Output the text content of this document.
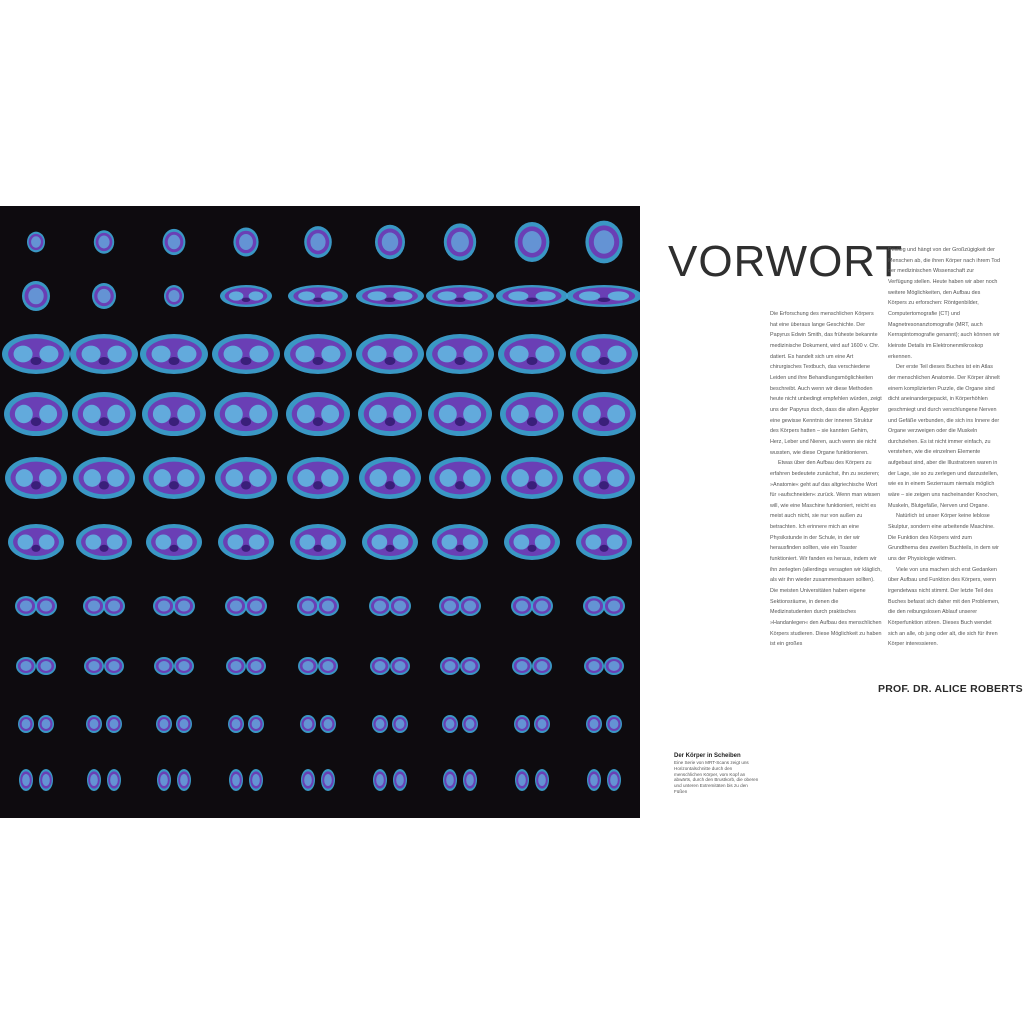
VORWORT

Die Erforschung des menschlichen Körpers hat eine überaus lange Geschichte. Der Papyrus Edwin Smith, das früheste bekannte medizinische Dokument, wird auf 1600 v. Chr. datiert. Es handelt sich um eine Art chirurgisches Textbuch, das verschiedene Leiden und ihre Behandlungsmöglichkeiten beschreibt. Auch wenn wir diese Methoden heute nicht unbedingt empfehlen würden, zeigt uns der Papyrus doch, dass die alten Ägypter eine gewisse Kenntnis der inneren Struktur des Körpers hatten – sie kannten Gehirn, Herz, Leber und Nieren, auch wenn sie nicht wussten, wie diese Organe funktionieren.

Etwas über den Aufbau des Körpers zu erfahren bedeutete zunächst, ihn zu sezieren; »Anatomie« geht auf das altgriechische Wort für »aufschneiden« zurück. Wenn man wissen will, wie eine Maschine funktioniert, reicht es meist auch nicht, sie nur von außen zu betrachten. Ich erinnere mich an eine Physikstunde in der Schule, in der wir herausfinden sollten, wie ein Toaster funktioniert. Wir fanden es heraus, indem wir ihn zerlegten (allerdings versagten wir kläglich, als wir ihn wieder zusammenbauen sollten). Die meisten Universitäten haben eigene Sektionsräume, in denen die Medizinstudenten durch praktisches »Handanlegen« den Aufbau des menschlichen Körpers studieren. Diese Möglichkeit zu haben ist ein großes

Privileg und hängt von der Großzügigkeit der Menschen ab, die ihren Körper nach ihrem Tod der medizinischen Wissenschaft zur Verfügung stellen. Heute haben wir aber noch weitere Möglichkeiten, den Aufbau des Körpers zu erforschen: Röntgenbilder, Computertomografie (CT) und Magnetresonanztomografie (MRT, auch Kernspintomografie genannt); auch können wir kleinste Details im Elektronenmikroskop erkennen.

Der erste Teil dieses Buches ist ein Atlas der menschlichen Anatomie. Der Körper ähnelt einem komplizierten Puzzle, die Organe sind dicht aneinandergepackt, in Körperhöhlen geschmiegt und durch verschlungene Nerven und Gefäße verbunden, die sich ins Innere der Organe verzweigen oder die Muskeln durchziehen. Es ist nicht immer einfach, zu verstehen, wie die einzelnen Elemente aufgebaut sind, aber die Illustratoren waren in der Lage, sie so zu zerlegen und darzustellen, wie es in einem Sezierraum niemals möglich wäre – sie zeigen uns nacheinander Knochen, Muskeln, Blutgefäße, Nerven und Organe.

Natürlich ist unser Körper keine leblose Skulptur, sondern eine arbeitende Maschine. Die Funktion des Körpers wird zum Grundthema des zweiten Buchteils, in dem wir uns der Physiologie widmen.

Viele von uns machen sich erst Gedanken über Aufbau und Funktion des Körpers, wenn irgendetwas nicht stimmt. Der letzte Teil des Buches befasst sich daher mit den Problemen, die den reibungslosen Ablauf unserer Körperfunktion stören. Dieses Buch wendet sich an alle, ob jung oder alt, die sich für ihren Körper interessieren.

PROF. DR. ALICE ROBERTS
Der Körper in Scheiben
Eine Serie von MRT-Scans zeigt uns Horizontalschnitte durch den menschlichen Körper, vom Kopf an abwärts, durch den Brustkorb, die oberen und unteren Extremitäten bis zu den Füßen
